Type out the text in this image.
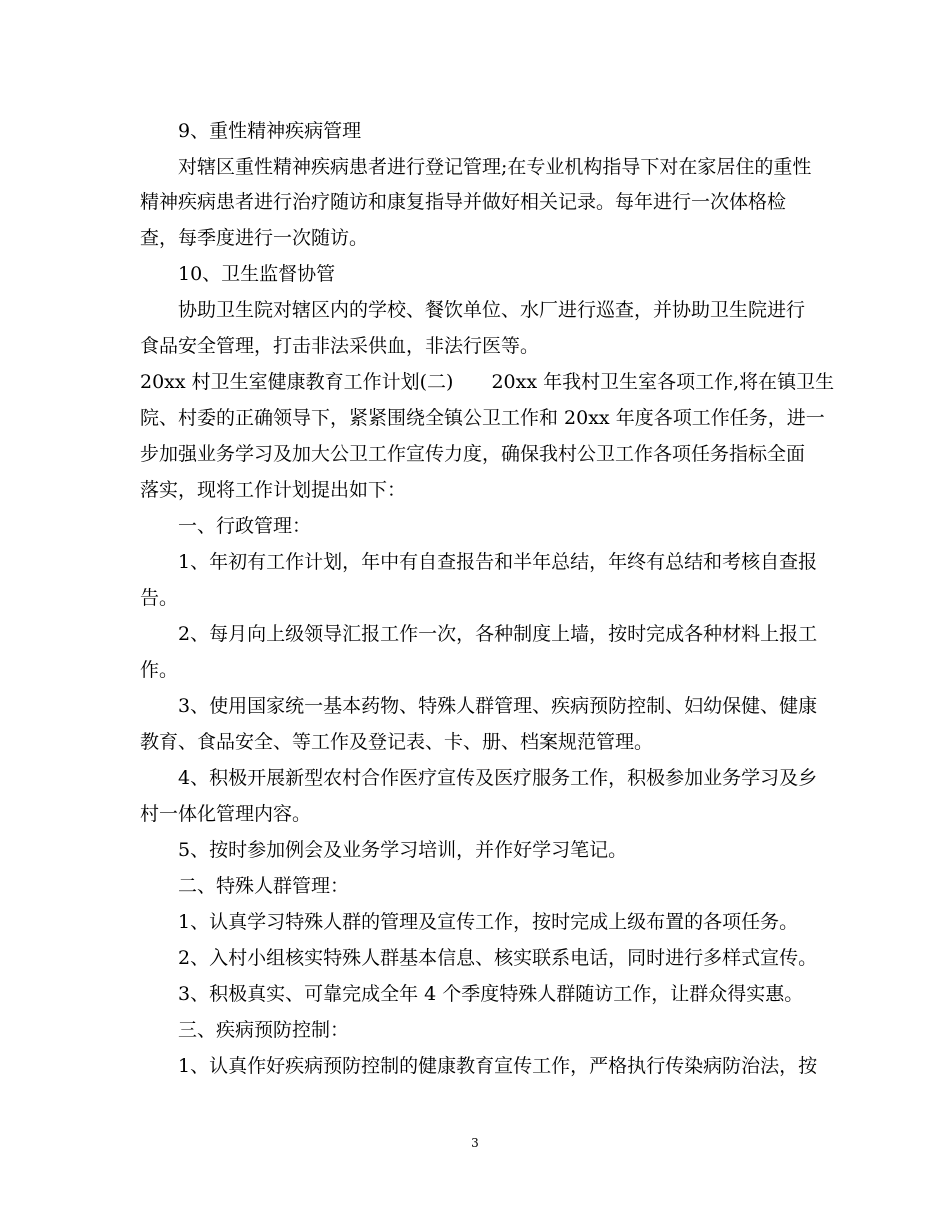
9、重性精神疾病管理
对辖区重性精神疾病患者进行登记管理;在专业机构指导下对在家居住的重性
精神疾病患者进行治疗随访和康复指导并做好相关记录。每年进行一次体格检
查，每季度进行一次随访。
10、卫生监督协管
协助卫生院对辖区内的学校、餐饮单位、水厂进行巡查，并协助卫生院进行
食品安全管理，打击非法采供血，非法行医等。
20xx 村卫生室健康教育工作计划(二)　　20xx 年我村卫生室各项工作,将在镇卫生
院、村委的正确领导下，紧紧围绕全镇公卫工作和 20xx 年度各项工作任务，进一
步加强业务学习及加大公卫工作宣传力度，确保我村公卫工作各项任务指标全面
落实，现将工作计划提出如下：
一、行政管理：
1、年初有工作计划，年中有自查报告和半年总结，年终有总结和考核自查报
告。
2、每月向上级领导汇报工作一次，各种制度上墙，按时完成各种材料上报工
作。
3、使用国家统一基本药物、特殊人群管理、疾病预防控制、妇幼保健、健康
教育、食品安全、等工作及登记表、卡、册、档案规范管理。
4、积极开展新型农村合作医疗宣传及医疗服务工作，积极参加业务学习及乡
村一体化管理内容。
5、按时参加例会及业务学习培训，并作好学习笔记。
二、特殊人群管理：
1、认真学习特殊人群的管理及宣传工作，按时完成上级布置的各项任务。
2、入村小组核实特殊人群基本信息、核实联系电话，同时进行多样式宣传。
3、积极真实、可靠完成全年 4 个季度特殊人群随访工作，让群众得实惠。
三、疾病预防控制：
1、认真作好疾病预防控制的健康教育宣传工作，严格执行传染病防治法，按
3
